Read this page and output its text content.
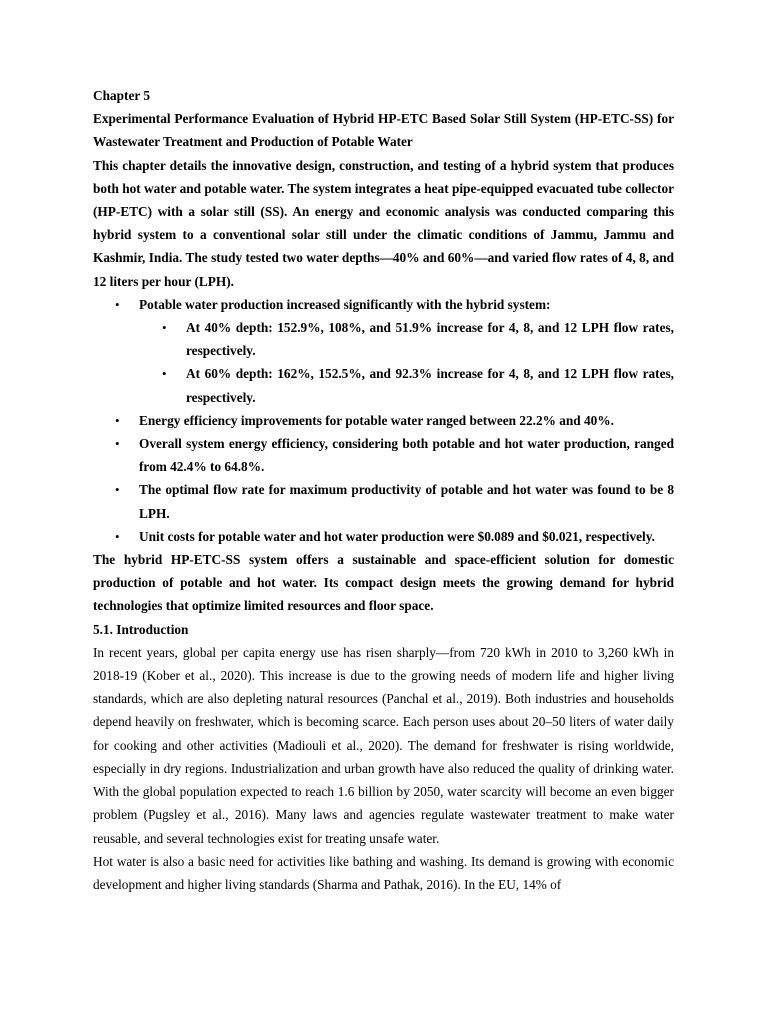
Chapter 5

Experimental Performance Evaluation of Hybrid HP-ETC Based Solar Still System (HP-ETC-SS) for Wastewater Treatment and Production of Potable Water

This chapter details the innovative design, construction, and testing of a hybrid system that produces both hot water and potable water. The system integrates a heat pipe-equipped evacuated tube collector (HP-ETC) with a solar still (SS). An energy and economic analysis was conducted comparing this hybrid system to a conventional solar still under the climatic conditions of Jammu, Jammu and Kashmir, India. The study tested two water depths—40% and 60%—and varied flow rates of 4, 8, and 12 liters per hour (LPH).

• Potable water production increased significantly with the hybrid system:
• At 40% depth: 152.9%, 108%, and 51.9% increase for 4, 8, and 12 LPH flow rates, respectively.
• At 60% depth: 162%, 152.5%, and 92.3% increase for 4, 8, and 12 LPH flow rates, respectively.
• Energy efficiency improvements for potable water ranged between 22.2% and 40%.
• Overall system energy efficiency, considering both potable and hot water production, ranged from 42.4% to 64.8%.
• The optimal flow rate for maximum productivity of potable and hot water was found to be 8 LPH.
• Unit costs for potable water and hot water production were $0.089 and $0.021, respectively.

The hybrid HP-ETC-SS system offers a sustainable and space-efficient solution for domestic production of potable and hot water. Its compact design meets the growing demand for hybrid technologies that optimize limited resources and floor space.

5.1. Introduction

In recent years, global per capita energy use has risen sharply—from 720 kWh in 2010 to 3,260 kWh in 2018-19 (Kober et al., 2020). This increase is due to the growing needs of modern life and higher living standards, which are also depleting natural resources (Panchal et al., 2019). Both industries and households depend heavily on freshwater, which is becoming scarce. Each person uses about 20–50 liters of water daily for cooking and other activities (Madiouli et al., 2020). The demand for freshwater is rising worldwide, especially in dry regions. Industrialization and urban growth have also reduced the quality of drinking water. With the global population expected to reach 1.6 billion by 2050, water scarcity will become an even bigger problem (Pugsley et al., 2016). Many laws and agencies regulate wastewater treatment to make water reusable, and several technologies exist for treating unsafe water.

Hot water is also a basic need for activities like bathing and washing. Its demand is growing with economic development and higher living standards (Sharma and Pathak, 2016). In the EU, 14% of
